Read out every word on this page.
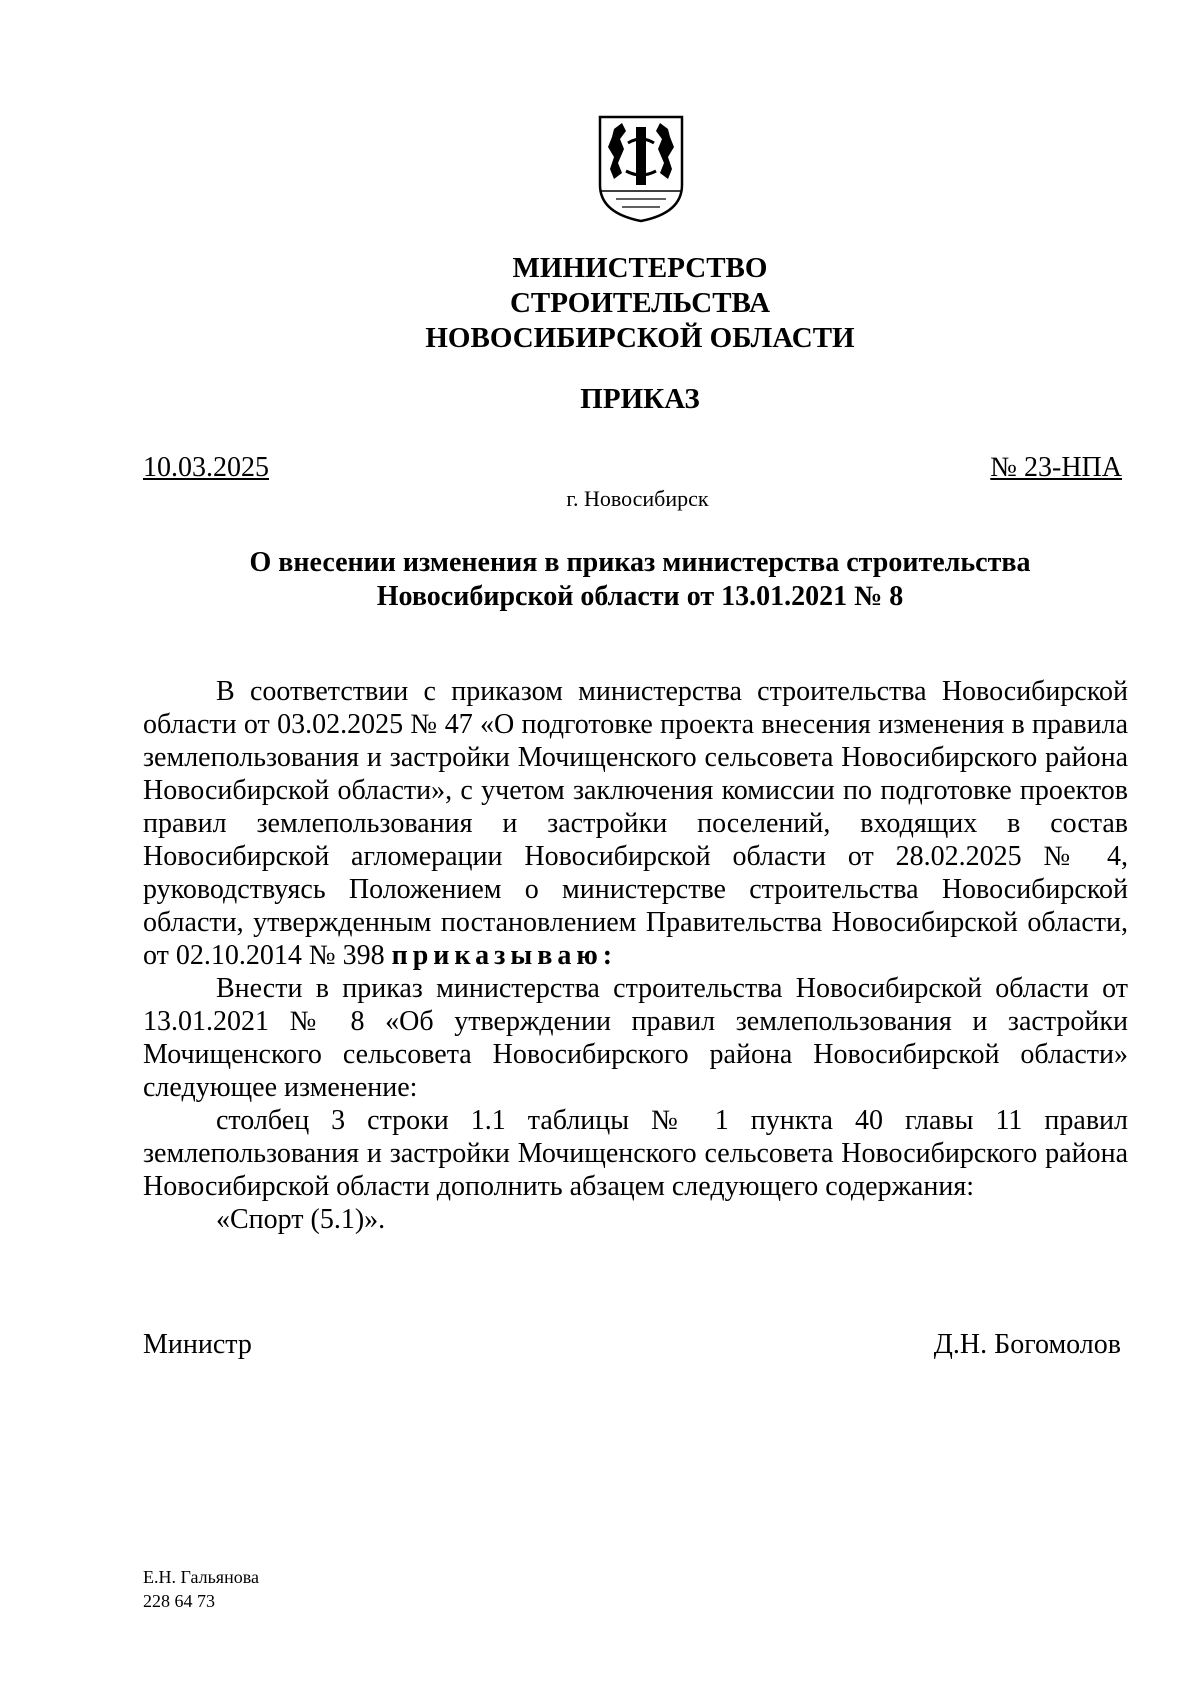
МИНИСТЕРСТВО
СТРОИТЕЛЬСТВА
НОВОСИБИРСКОЙ ОБЛАСТИ
ПРИКАЗ
10.03.2025	№ 23-НПА
г. Новосибирск
О внесении изменения в приказ министерства строительства
Новосибирской области от 13.01.2021 № 8

В соответствии с приказом министерства строительства Новосибирской области от 03.02.2025 № 47 «О подготовке проекта внесения изменения в правила землепользования и застройки Мочищенского сельсовета Новосибирского района Новосибирской области», с учетом заключения комиссии по подготовке проектов правил землепользования и застройки поселений, входящих в состав Новосибирской агломерации Новосибирской области от 28.02.2025 № 4, руководствуясь Положением о министерстве строительства Новосибирской области, утвержденным постановлением Правительства Новосибирской области, от 02.10.2014 № 398 приказываю:

Внести в приказ министерства строительства Новосибирской области от 13.01.2021 № 8 «Об утверждении правил землепользования и застройки Мочищенского сельсовета Новосибирского района Новосибирской области» следующее изменение:

столбец 3 строки 1.1 таблицы № 1 пункта 40 главы 11 правил землепользования и застройки Мочищенского сельсовета Новосибирского района Новосибирской области дополнить абзацем следующего содержания:

«Спорт (5.1)».

Министр	Д.Н. Богомолов
Е.Н. Гальянова
228 64 73
